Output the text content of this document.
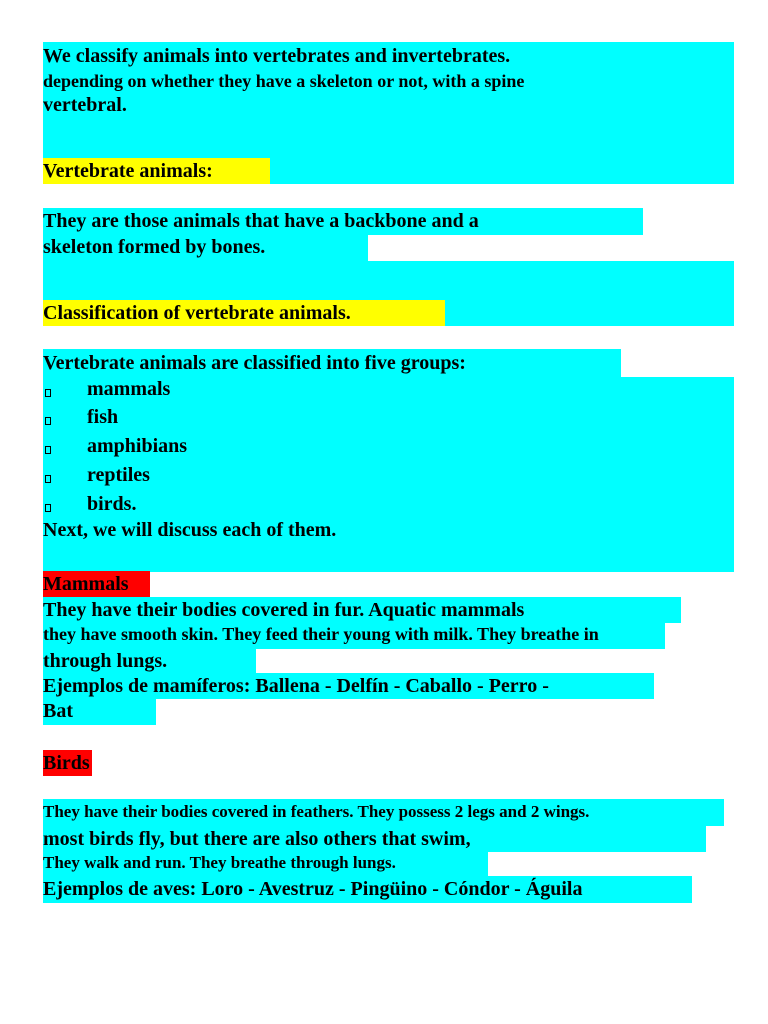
We classify animals into vertebrates and invertebrates.
depending on whether they have a skeleton or not, with a spine
vertebral.
Vertebrate animals:
They are those animals that have a backbone and a
skeleton formed by bones.
Classification of vertebrate animals.
Vertebrate animals are classified into five groups:
mammals
fish
amphibians
reptiles
birds.
Next, we will discuss each of them.
Mammals
They have their bodies covered in fur. Aquatic mammals
they have smooth skin. They feed their young with milk. They breathe in
through lungs.
Ejemplos de mamíferos: Ballena - Delfín - Caballo - Perro -
Bat
Birds
They have their bodies covered in feathers. They possess 2 legs and 2 wings.
most birds fly, but there are also others that swim,
They walk and run. They breathe through lungs.
Ejemplos de aves: Loro - Avestruz - Pingüino - Cóndor - Águila
